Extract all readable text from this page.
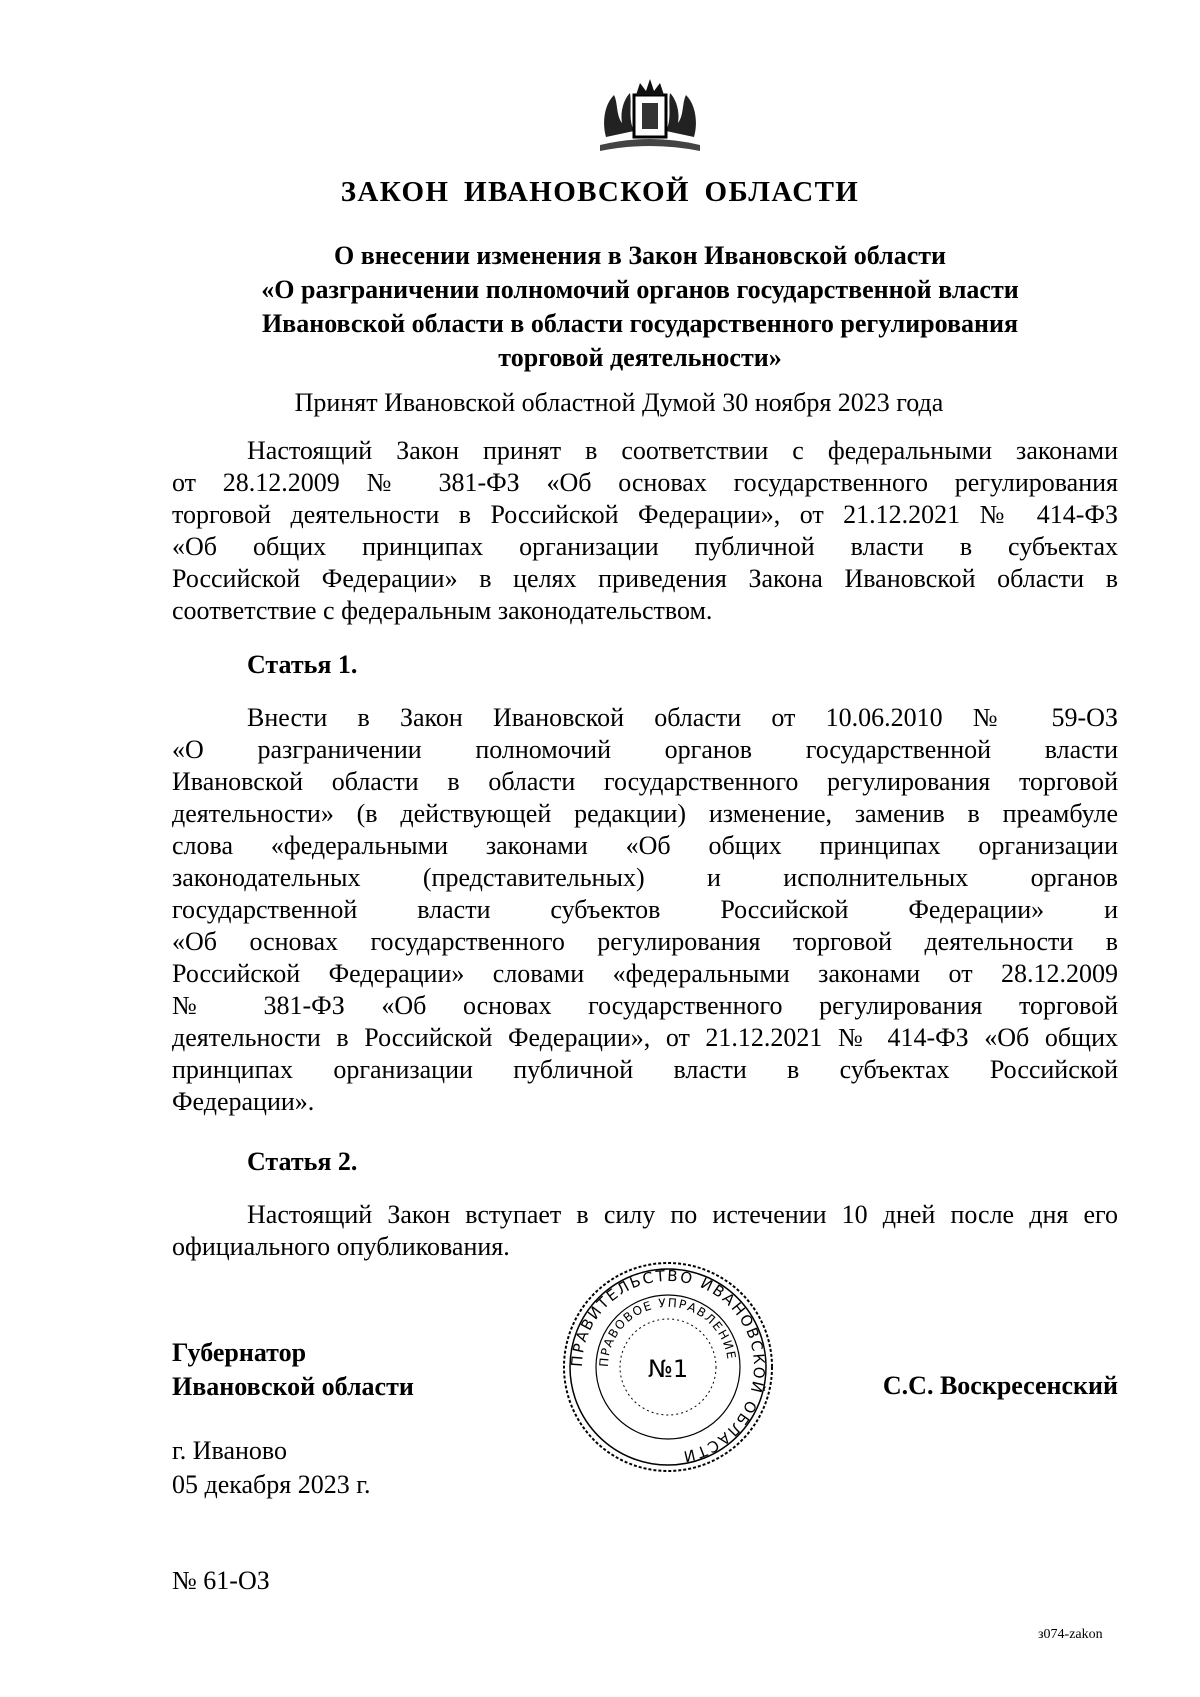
ЗАКОН ИВАНОВСКОЙ ОБЛАСТИ
О внесении изменения в Закон Ивановской области
«О разграничении полномочий органов государственной власти
Ивановской области в области государственного регулирования
торговой деятельности»
Принят Ивановской областной Думой 30 ноября 2023 года
Настоящий Закон принят в соответствии с федеральными законами
от 28.12.2009 № 381-ФЗ «Об основах государственного регулирования
торговой деятельности в Российской Федерации», от 21.12.2021 № 414-ФЗ
«Об общих принципах организации публичной власти в субъектах
Российской Федерации» в целях приведения Закона Ивановской области в
соответствие с федеральным законодательством.
Статья 1.
Внести в Закон Ивановской области от 10.06.2010 № 59-ОЗ
«О разграничении полномочий органов государственной власти
Ивановской области в области государственного регулирования торговой
деятельности» (в действующей редакции) изменение, заменив в преамбуле
слова «федеральными законами «Об общих принципах организации
законодательных (представительных) и исполнительных органов
государственной власти субъектов Российской Федерации» и
«Об основах государственного регулирования торговой деятельности в
Российской Федерации» словами «федеральными законами от 28.12.2009
№ 381-ФЗ «Об основах государственного регулирования торговой
деятельности в Российской Федерации», от 21.12.2021 № 414-ФЗ «Об общих
принципах организации публичной власти в субъектах Российской
Федерации».
Статья 2.
Настоящий Закон вступает в силу по истечении 10 дней после дня его
официального опубликования.
Губернатор
Ивановской области
ПРАВИТЕЛЬСТВО ИВАНОВСКОЙ ОБЛАСТИ
ПРАВОВОЕ УПРАВЛЕНИЕ
№1
С.С. Воскресенский
г. Иваново
05 декабря 2023 г.
№ 61-ОЗ
з074-zakon
